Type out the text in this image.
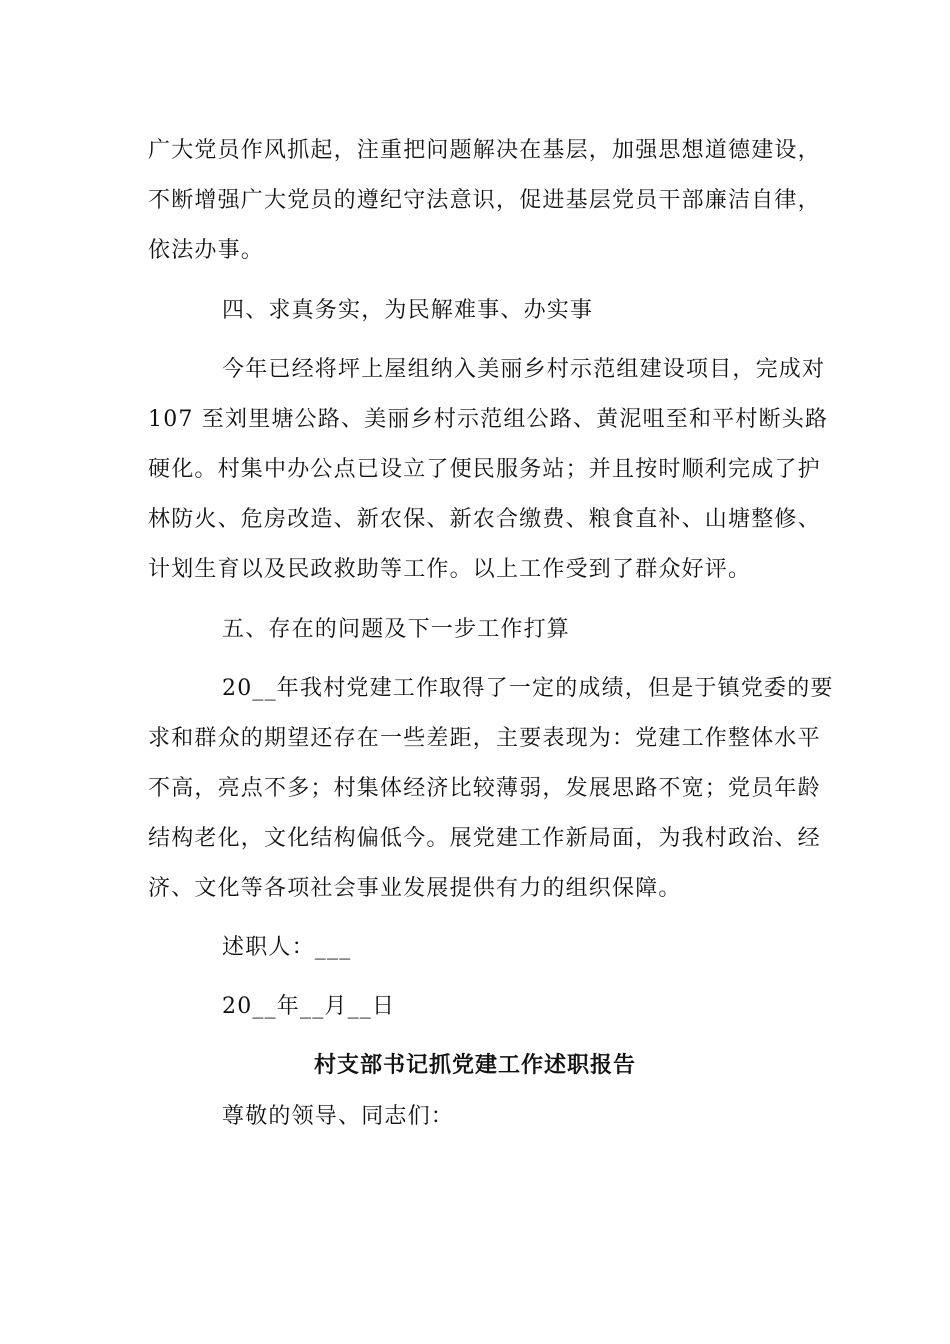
广大党员作风抓起，注重把问题解决在基层，加强思想道德建设，
不断增强广大党员的遵纪守法意识，促进基层党员干部廉洁自律，
依法办事。
四、求真务实，为民解难事、办实事
今年已经将坪上屋组纳入美丽乡村示范组建设项目，完成对
107 至刘里塘公路、美丽乡村示范组公路、黄泥咀至和平村断头路
硬化。村集中办公点已设立了便民服务站；并且按时顺利完成了护
林防火、危房改造、新农保、新农合缴费、粮食直补、山塘整修、
计划生育以及民政救助等工作。以上工作受到了群众好评。
五、存在的问题及下一步工作打算
20__年我村党建工作取得了一定的成绩，但是于镇党委的要
求和群众的期望还存在一些差距，主要表现为：党建工作整体水平
不高，亮点不多；村集体经济比较薄弱，发展思路不宽；党员年龄
结构老化，文化结构偏低今。展党建工作新局面，为我村政治、经
济、文化等各项社会事业发展提供有力的组织保障。
述职人：___
20__年__月__日
村支部书记抓党建工作述职报告
尊敬的领导、同志们：
